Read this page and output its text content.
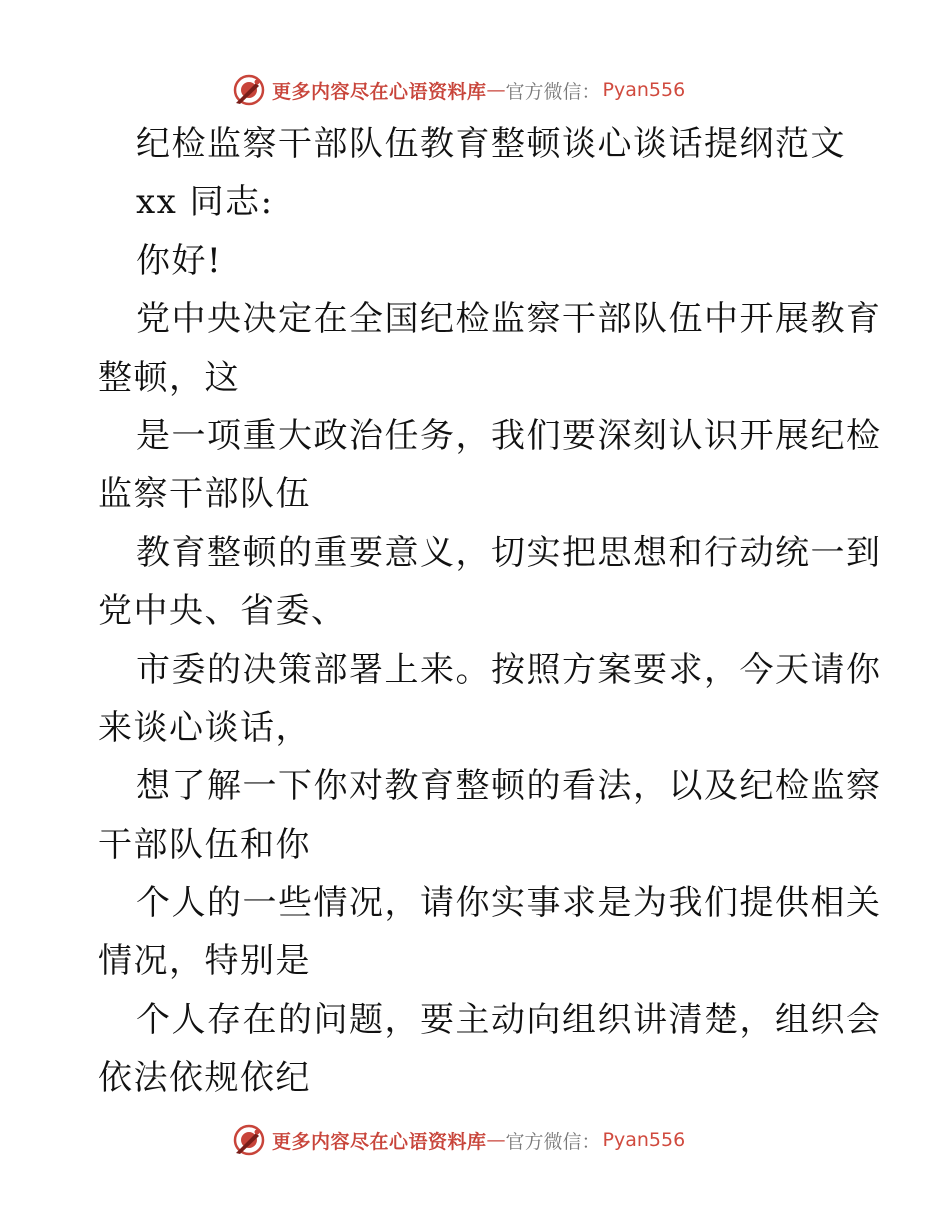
更多内容尽在心语资料库 — 官方微信： Pyan556
纪检监察干部队伍教育整顿谈心谈话提纲范文
xx 同志:
你好!
党中央决定在全国纪检监察干部队伍中开展教育
整顿，这
是一项重大政治任务，我们要深刻认识开展纪检
监察干部队伍
教育整顿的重要意义，切实把思想和行动统一到
党中央、省委、
市委的决策部署上来。按照方案要求，今天请你
来谈心谈话，
想了解一下你对教育整顿的看法，以及纪检监察
干部队伍和你
个人的一些情况，请你实事求是为我们提供相关
情况，特别是
个人存在的问题，要主动向组织讲清楚，组织会
依法依规依纪
更多内容尽在心语资料库 — 官方微信： Pyan556
